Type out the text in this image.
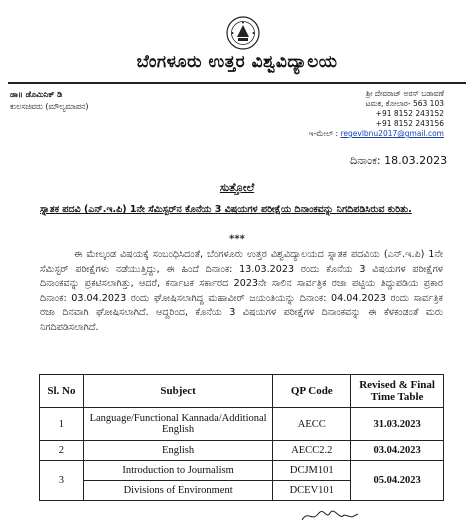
ಬೆಂಗಳೂರು ಉತ್ತರ ವಿಶ್ವವಿದ್ಯಾಲಯ
ಡಾ॥ ಡೊಮಿನಿಕ್ ಡಿ
ಕುಲಸಚಿವರು (ಮೌಲ್ಯಮಾಪನ)
ಶ್ರೀ ದೇವರಾಜ್ ಅರಸ್ ಬಡಾವಣೆ
ಟಮಕ, ಕೋಲಾರ- 563 103
+91 8152 243152
+91 8152 243156
ಇ-ಮೇಲ್ : regevlbnu2017@gmail.com
ದಿನಾಂಕ: 18.03.2023
ಸುತ್ತೋಲೆ
ಸ್ನಾತಕ ಪದವಿ (ಎನ್.ಇ.ಪಿ) 1ನೇ ಸೆಮಿಸ್ಟರ್‌ನ ಕೊನೆಯ 3 ವಿಷಯಗಳ ಪರೀಕ್ಷೆಯ ದಿನಾಂಕವನ್ನು ನಿಗದಿಪಡಿಸಿರುವ ಕುರಿತು.
***
ಈ ಮೇಲ್ಕಂಡ ವಿಷಯಕ್ಕೆ ಸಂಬಂಧಿಸಿದಂತೆ, ಬೆಂಗಳೂರು ಉತ್ತರ ವಿಶ್ವವಿದ್ಯಾಲಯದ ಸ್ನಾತಕ ಪದವಿಯ (ಎನ್.ಇ.ಪಿ) 1ನೇ ಸೆಮಿಸ್ಟರ್ ಪರೀಕ್ಷೆಗಳು ನಡೆಯುತ್ತಿದ್ದು, ಈ ಹಿಂದೆ ದಿನಾಂಕ: 13.03.2023 ರಂದು ಕೊನೆಯ 3 ವಿಷಯಗಳ ಪರೀಕ್ಷೆಗಳ ದಿನಾಂಕವನ್ನು ಪ್ರಕಟಿಸಲಾಗಿತ್ತು, ಆದರೆ, ಕರ್ನಾಟಕ ಸರ್ಕಾರದ 2023ನೇ ಸಾಲಿನ ಸಾರ್ವತ್ರಿಕ ರಜಾ ಪಟ್ಟಿಯ ತಿದ್ದುಪಡಿಯ ಪ್ರಕಾರ ದಿನಾಂಕ: 03.04.2023 ರಂದು ಘೋಷಿಸಲಾಗಿದ್ದ ಮಹಾವೀರ್ ಜಯಂತಿಯನ್ನು ದಿನಾಂಕ: 04.04.2023 ರಂದು ಸಾರ್ವತ್ರಿಕ ರಜಾ ದಿನವಾಗಿ ಘೋಷಿಸಲಾಗಿದೆ. ಆದ್ದರಿಂದ, ಕೊನೆಯ 3 ವಿಷಯಗಳ ಪರೀಕ್ಷೆಗಳ ದಿನಾಂಕವನ್ನು ಈ ಕೆಳಕಂಡಂತೆ ಮರು ನಿಗದಿಪಡಿಸಲಾಗಿದೆ.
Sl. No	Subject	QP Code	Revised & Final Time Table
1	Language/Functional Kannada/Additional English	AECC	31.03.2023
2	English	AECC2.2	03.04.2023
3	Introduction to Journalism	DCJM101	05.04.2023
	Divisions of Environment	DCEV101	
